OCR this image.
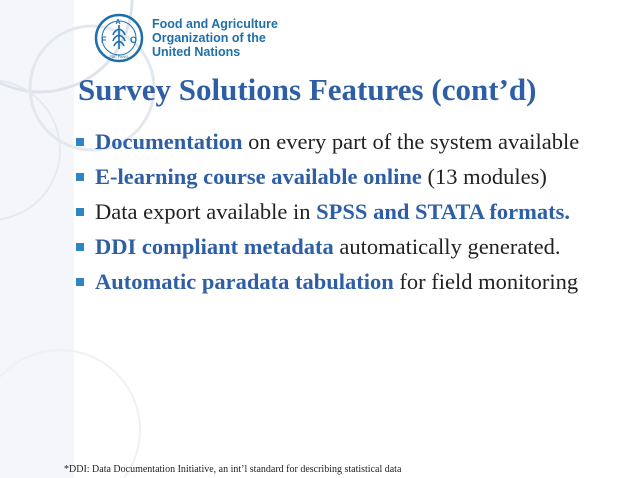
F
A
O
FIAT PANIS
Food and Agriculture
Organization of the
United Nations
Survey Solutions Features (cont’d)
Documentation on every part of the system available
E-learning course available online (13 modules)
Data export available in SPSS and STATA formats.
DDI compliant metadata automatically generated.
Automatic paradata tabulation for field monitoring
*DDI: Data Documentation Initiative, an int’l standard for describing statistical data
